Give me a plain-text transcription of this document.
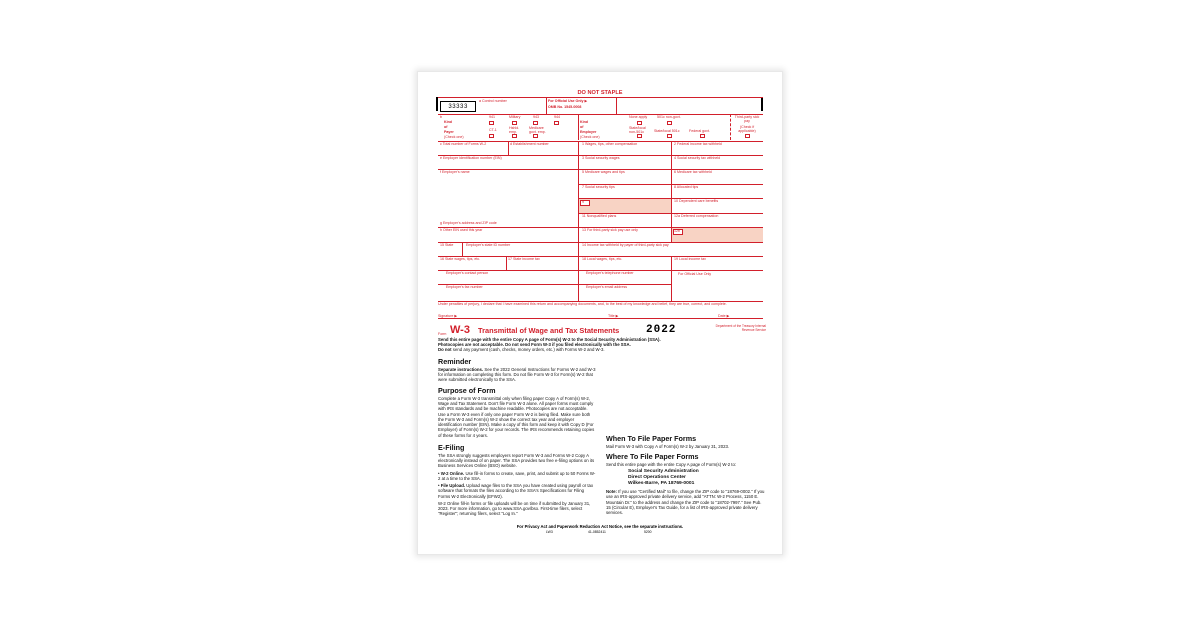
DO NOT STAPLE
33333
a Control number	For Official Use Only ▶
OMB No. 1545-0008
b
Kind
of
Payer
(Check one)
941	Military	943	944
CT-1	Hshld. emp.
Medicare govt. emp.
Kind
of
Employer
(Check one)
None apply	501c non-govt.
State/local non-501c	State/local 501c	Federal govt.
Third-party sick pay
(Check if applicable)
c Total number of Forms W-2	d Establishment number	1 Wages, tips, other compensation	2 Federal income tax withheld
e Employer identification number (EIN)	3 Social security wages	4 Social security tax withheld
f Employer's name	5 Medicare wages and tips	6 Medicare tax withheld
7 Social security tips	8 Allocated tips
9	10 Dependent care benefits
11 Nonqualified plans	12a Deferred compensation
g Employer's address and ZIP code
h Other EIN used this year	13 For third-party sick pay use only	12b
15 State	Employer's state ID number	14 Income tax withheld by payer of third-party sick pay
16 State wages, tips, etc.	17 State income tax	18 Local wages, tips, etc.	19 Local income tax
Employer's contact person	Employer's telephone number	For Official Use Only
Employer's fax number	Employer's email address
Under penalties of perjury, I declare that I have examined this return and accompanying documents, and, to the best of my knowledge and belief, they are true, correct, and complete.
Signature ▶	Title ▶	Date ▶
Form W-3 Transmittal of Wage and Tax Statements 2022	Department of the Treasury Internal Revenue Service
Send this entire page with the entire Copy A page of Form(s) W-2 to the Social Security Administration (SSA).
Photocopies are not acceptable. Do not send Form W-3 if you filed electronically with the SSA.
Do not send any payment (cash, checks, money orders, etc.) with Forms W-2 and W-3.
Reminder
Separate instructions. See the 2022 General Instructions for Forms W-2 and W-3 for information on completing this form. Do not file Form W-3 for Form(s) W-2 that were submitted electronically to the SSA.
Purpose of Form
Complete a Form W-3 transmittal only when filing paper Copy A of Form(s) W-2, Wage and Tax Statement. Don't file Form W-3 alone. All paper forms must comply with IRS standards and be machine readable. Photocopies are not acceptable. Use a Form W-3 even if only one paper Form W-2 is being filed. Make sure both the Form W-3 and Form(s) W-2 show the correct tax year and employer identification number (EIN). Make a copy of this form and keep it with Copy D (For Employer) of Form(s) W-2 for your records. The IRS recommends retaining copies of these forms for 4 years.
E-Filing

The SSA strongly suggests employers report Form W-3 and Forms W-2 Copy A electronically instead of on paper. The SSA provides two free e-filing options on its Business Services Online (BSO) website.

• W-2 Online. Use fill-in forms to create, save, print, and submit up to 50 Forms W-2 at a time to the SSA.

• File Upload. Upload wage files to the SSA you have created using payroll or tax software that formats the files according to the SSA's Specifications for Filing Forms W-2 Electronically (EFW2).

W-2 Online fill-in forms or file uploads will be on time if submitted by January 31, 2023. For more information, go to www.SSA.gov/bso. First-time filers, select "Register"; returning filers, select "Log In."

When To File Paper Forms
Mail Form W-3 with Copy A of Form(s) W-2 by January 31, 2023.
Where To File Paper Forms

Send this entire page with the entire Copy A page of Form(s) W-2 to:

Social Security Administration
Direct Operations Center
Wilkes-Barre, PA 18769-0001

Note: If you use "Certified Mail" to file, change the ZIP code to "18769-0002." If you use an IRS-approved private delivery service, add "ATTN: W-2 Process, 1150 E. Mountain Dr." to the address and change the ZIP code to "18702-7997." See Pub. 15 (Circular E), Employer's Tax Guide, for a list of IRS-approved private delivery services.

For Privacy Act and Paperwork Reduction Act Notice, see the separate instructions.
LW3	41-0852411	5200
